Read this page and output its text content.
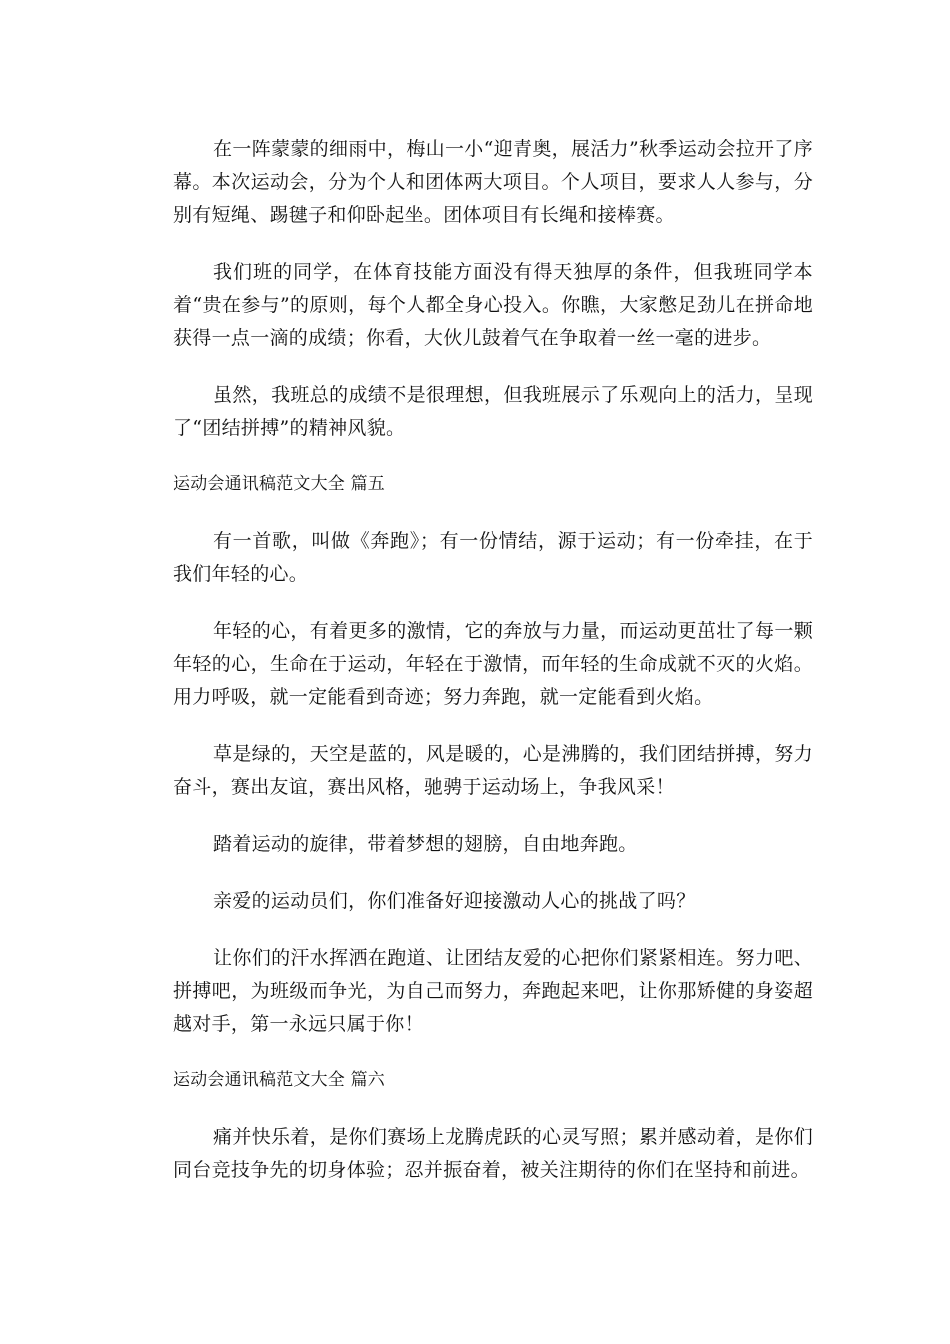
在一阵蒙蒙的细雨中，梅山一小“迎青奥，展活力”秋季运动会拉开了序幕。本次运动会，分为个人和团体两大项目。个人项目，要求人人参与，分别有短绳、踢毽子和仰卧起坐。团体项目有长绳和接棒赛。

我们班的同学，在体育技能方面没有得天独厚的条件，但我班同学本着“贵在参与”的原则，每个人都全身心投入。你瞧，大家憋足劲儿在拼命地获得一点一滴的成绩；你看，大伙儿鼓着气在争取着一丝一毫的进步。

虽然，我班总的成绩不是很理想，但我班展示了乐观向上的活力，呈现了“团结拼搏”的精神风貌。

运动会通讯稿范文大全 篇五

有一首歌，叫做《奔跑》；有一份情结，源于运动；有一份牵挂，在于我们年轻的心。

年轻的心，有着更多的激情，它的奔放与力量，而运动更茁壮了每一颗年轻的心，生命在于运动，年轻在于激情，而年轻的生命成就不灭的火焰。用力呼吸，就一定能看到奇迹；努力奔跑，就一定能看到火焰。

草是绿的，天空是蓝的，风是暖的，心是沸腾的，我们团结拼搏，努力奋斗，赛出友谊，赛出风格，驰骋于运动场上，争我风采！

踏着运动的旋律，带着梦想的翅膀，自由地奔跑。

亲爱的运动员们，你们准备好迎接激动人心的挑战了吗？

让你们的汗水挥洒在跑道、让团结友爱的心把你们紧紧相连。努力吧、拼搏吧，为班级而争光，为自己而努力，奔跑起来吧，让你那矫健的身姿超越对手，第一永远只属于你！

运动会通讯稿范文大全 篇六

痛并快乐着，是你们赛场上龙腾虎跃的心灵写照；累并感动着，是你们同台竞技争先的切身体验；忍并振奋着，被关注期待的你们在坚持和前进。
